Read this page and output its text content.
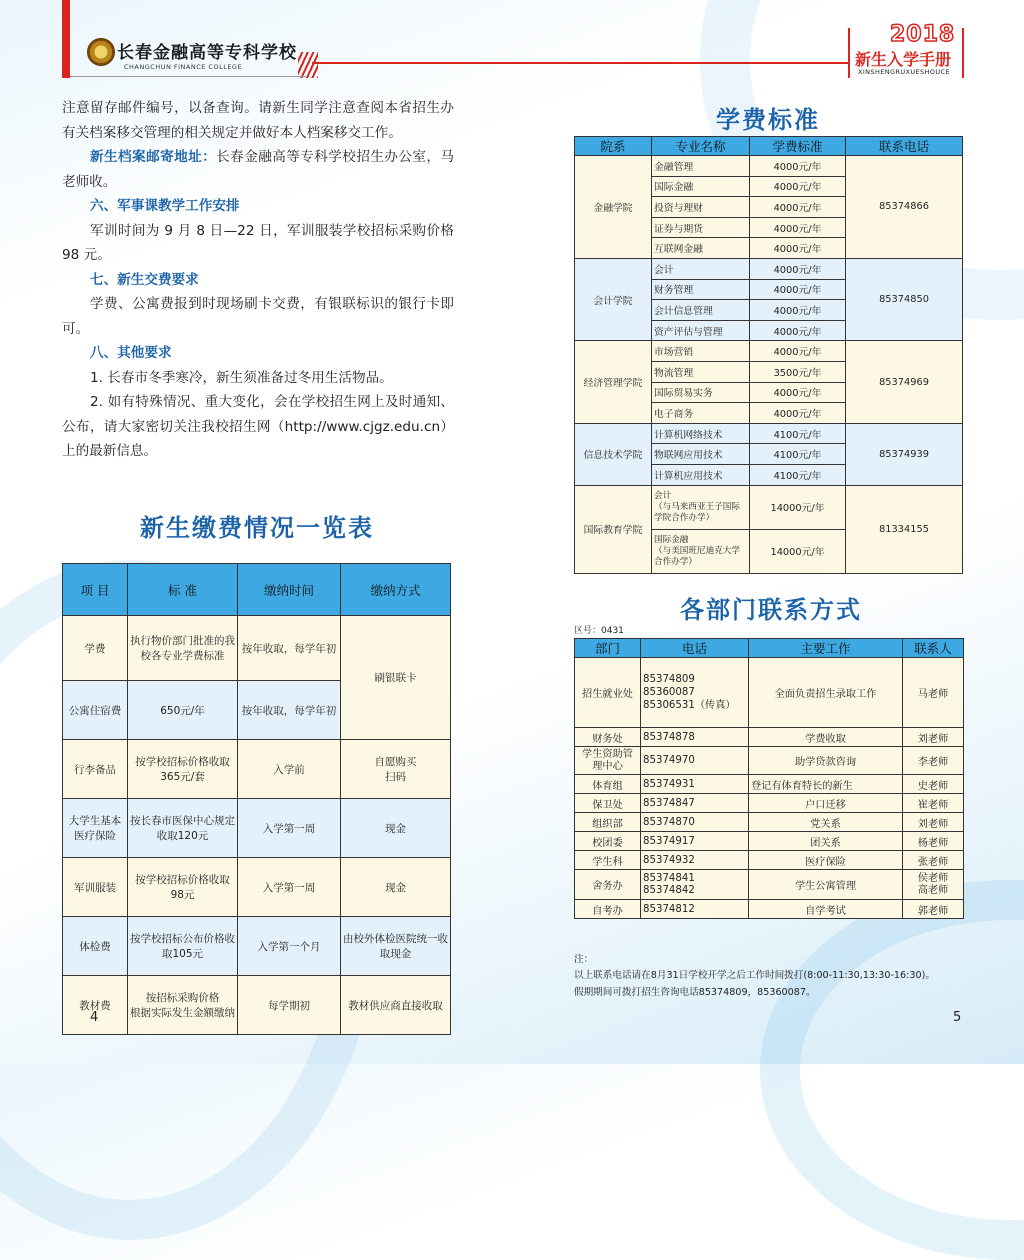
长春金融高等专科学校
CHANGCHUN FINANCE COLLEGE
2018
新生入学手册
XINSHENGRUXUESHOUCE

注意留存邮件编号，以备查询。请新生同学注意查阅本省招生办有关档案移交管理的相关规定并做好本人档案移交工作。

新生档案邮寄地址：长春金融高等专科学校招生办公室，马老师收。

六、军事课教学工作安排

军训时间为 9 月 8 日—22 日，军训服装学校招标采购价格 98 元。

七、新生交费要求

学费、公寓费报到时现场刷卡交费，有银联标识的银行卡即可。

八、其他要求

1. 长春市冬季寒冷，新生须准备过冬用生活物品。

2. 如有特殊情况、重大变化，会在学校招生网上及时通知、公布，请大家密切关注我校招生网（http://www.cjgz.edu.cn）上的最新信息。

新生缴费情况一览表
项 目	标 准	缴纳时间	缴纳方式
学费	执行物价部门批准的我校各专业学费标准	按年收取，每学年初	刷银联卡
公寓住宿费	650元/年	按年收取，每学年初	
行李备品	按学校招标价格收取365元/套	入学前	自愿购买
扫码
大学生基本医疗保险	按长春市医保中心规定收取120元	入学第一周	现金
军训服装	按学校招标价格收取98元	入学第一周	现金
体检费	按学校招标公布价格收取105元	入学第一个月	由校外体检医院统一收取现金
教材费	按招标采购价格
根据实际发生金额缴纳	每学期初	教材供应商直接收取
学费标准
院系	专业名称	学费标准	联系电话
金融学院	金融管理	4000元/年	85374866
	国际金融	4000元/年	
	投资与理财	4000元/年	
	证券与期货	4000元/年	
	互联网金融	4000元/年	
会计学院	会计	4000元/年	85374850
	财务管理	4000元/年	
	会计信息管理	4000元/年	
	资产评估与管理	4000元/年	
经济管理学院	市场营销	4000元/年	85374969
	物流管理	3500元/年	
	国际贸易实务	4000元/年	
	电子商务	4000元/年	
信息技术学院	计算机网络技术	4100元/年	85374939
	物联网应用技术	4100元/年	
	计算机应用技术	4100元/年	
国际教育学院	会计
（与马来西亚王子国际学院合作办学）	14000元/年	81334155
	国际金融
（与美国班尼迪克大学合作办学）	14000元/年	
各部门联系方式
区号：0431
部门	电话	主要工作	联系人
招生就业处	85374809
85360087
85306531（传真）	全面负责招生录取工作	马老师
财务处	85374878	学费收取	刘老师
学生资助管理中心	85374970	助学贷款咨询	李老师
体育组	85374931	登记有体育特长的新生	史老师
保卫处	85374847	户口迁移	崔老师
组织部	85374870	党关系	刘老师
校团委	85374917	团关系	杨老师
学生科	85374932	医疗保险	张老师
舍务办	85374841
85374842	学生公寓管理	侯老师
高老师
自考办	85374812	自学考试	郭老师
注：
以上联系电话请在8月31日学校开学之后工作时间拨打(8:00-11:30,13:30-16:30)。
假期期间可拨打招生咨询电话85374809，85360087。
4	5
